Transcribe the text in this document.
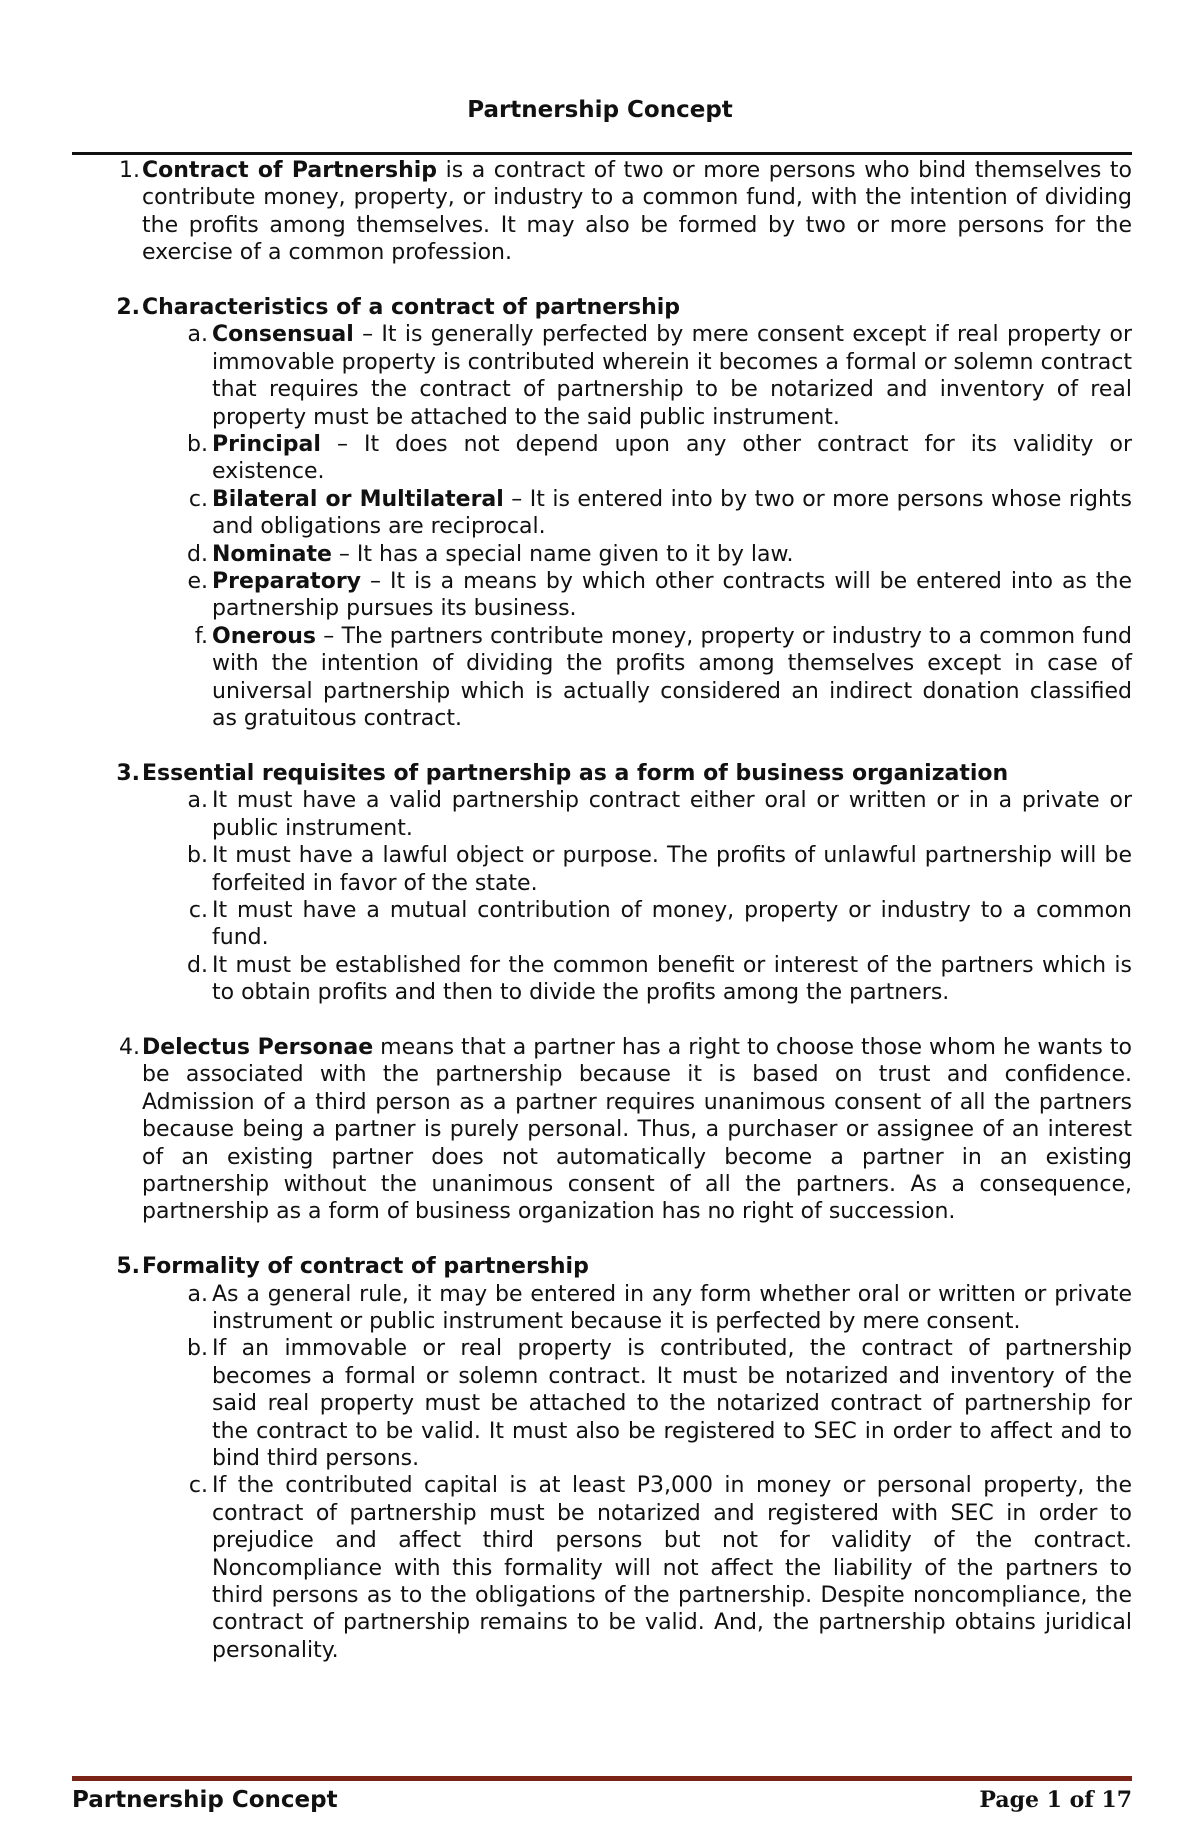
Partnership Concept
1. Contract of Partnership is a contract of two or more persons who bind themselves to contribute money, property, or industry to a common fund, with the intention of dividing the profits among themselves. It may also be formed by two or more persons for the exercise of a common profession.
2. Characteristics of a contract of partnership
a. Consensual – It is generally perfected by mere consent except if real property or immovable property is contributed wherein it becomes a formal or solemn contract that requires the contract of partnership to be notarized and inventory of real property must be attached to the said public instrument.
b. Principal – It does not depend upon any other contract for its validity or existence.
c. Bilateral or Multilateral – It is entered into by two or more persons whose rights and obligations are reciprocal.
d. Nominate – It has a special name given to it by law.
e. Preparatory – It is a means by which other contracts will be entered into as the partnership pursues its business.
f. Onerous – The partners contribute money, property or industry to a common fund with the intention of dividing the profits among themselves except in case of universal partnership which is actually considered an indirect donation classified as gratuitous contract.
3. Essential requisites of partnership as a form of business organization
a. It must have a valid partnership contract either oral or written or in a private or public instrument.
b. It must have a lawful object or purpose. The profits of unlawful partnership will be forfeited in favor of the state.
c. It must have a mutual contribution of money, property or industry to a common fund.
d. It must be established for the common benefit or interest of the partners which is to obtain profits and then to divide the profits among the partners.
4. Delectus Personae means that a partner has a right to choose those whom he wants to be associated with the partnership because it is based on trust and confidence. Admission of a third person as a partner requires unanimous consent of all the partners because being a partner is purely personal. Thus, a purchaser or assignee of an interest of an existing partner does not automatically become a partner in an existing partnership without the unanimous consent of all the partners. As a consequence, partnership as a form of business organization has no right of succession.
5. Formality of contract of partnership
a. As a general rule, it may be entered in any form whether oral or written or private instrument or public instrument because it is perfected by mere consent.
b. If an immovable or real property is contributed, the contract of partnership becomes a formal or solemn contract. It must be notarized and inventory of the said real property must be attached to the notarized contract of partnership for the contract to be valid. It must also be registered to SEC in order to affect and to bind third persons.
c. If the contributed capital is at least P3,000 in money or personal property, the contract of partnership must be notarized and registered with SEC in order to prejudice and affect third persons but not for validity of the contract. Noncompliance with this formality will not affect the liability of the partners to third persons as to the obligations of the partnership. Despite noncompliance, the contract of partnership remains to be valid. And, the partnership obtains juridical personality.
Partnership Concept	Page 1 of 17
